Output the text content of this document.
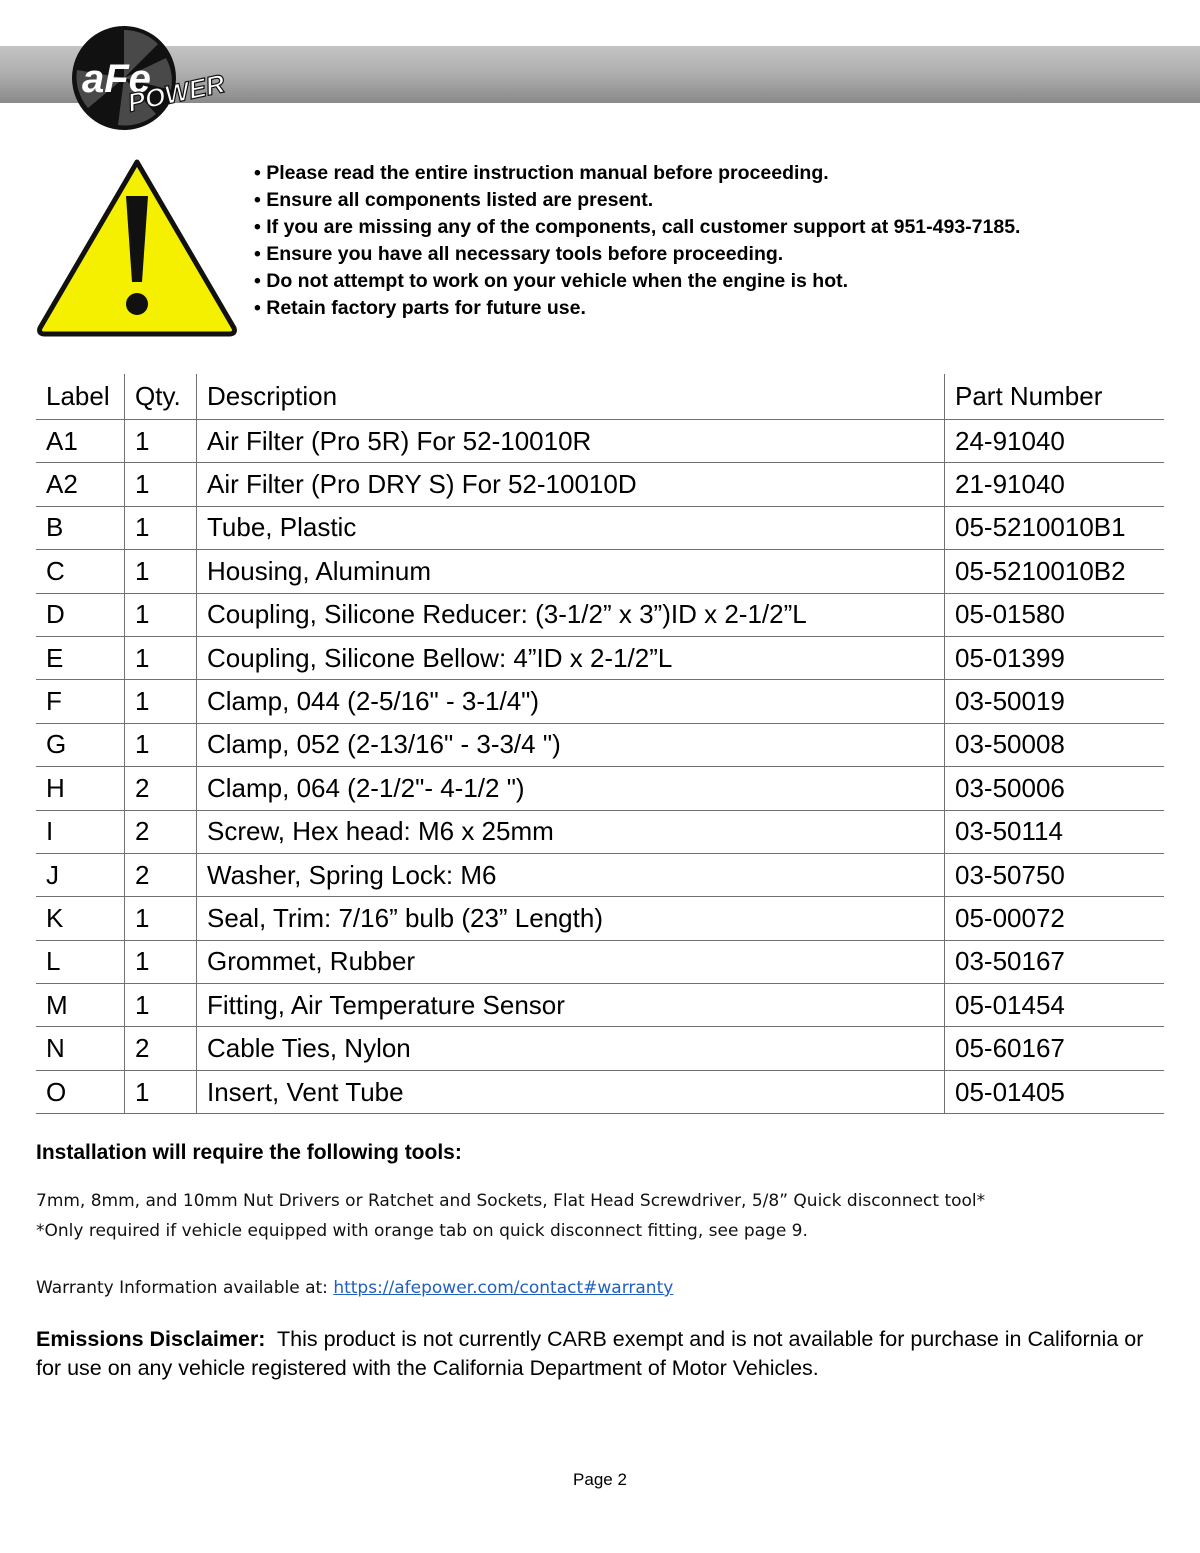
aFe
POWER
• Please read the entire instruction manual before proceeding.
• Ensure all components listed are present.
• If you are missing any of the components, call customer support at 951-493-7185.
• Ensure you have all necessary tools before proceeding.
• Do not attempt to work on your vehicle when the engine is hot.
• Retain factory parts for future use.
Label	Qty.	Description	Part Number
A1	1	Air Filter (Pro 5R) For 52-10010R	24-91040
A2	1	Air Filter (Pro DRY S) For 52-10010D	21-91040
B	1	Tube, Plastic	05-5210010B1
C	1	Housing, Aluminum	05-5210010B2
D	1	Coupling, Silicone Reducer: (3-1/2” x 3”)ID x 2-1/2”L	05-01580
E	1	Coupling, Silicone Bellow: 4”ID x 2-1/2”L	05-01399
F	1	Clamp, 044 (2-5/16" - 3-1/4")	03-50019
G	1	Clamp, 052 (2-13/16" - 3-3/4 ")	03-50008
H	2	Clamp, 064 (2-1/2"- 4-1/2 ")	03-50006
I	2	Screw, Hex head: M6 x 25mm	03-50114
J	2	Washer, Spring Lock: M6	03-50750
K	1	Seal, Trim: 7/16” bulb (23” Length)	05-00072
L	1	Grommet, Rubber	03-50167
M	1	Fitting, Air Temperature Sensor	05-01454
N	2	Cable Ties, Nylon	05-60167
O	1	Insert, Vent Tube	05-01405
Installation will require the following tools:
7mm, 8mm, and 10mm Nut Drivers or Ratchet and Sockets, Flat Head Screwdriver, 5/8” Quick disconnect tool*
*Only required if vehicle equipped with orange tab on quick disconnect fitting, see page 9.
Warranty Information available at: https://afepower.com/contact#warranty
Emissions Disclaimer: This product is not currently CARB exempt and is not available for purchase in California or for use on any vehicle registered with the California Department of Motor Vehicles.
Page 2
